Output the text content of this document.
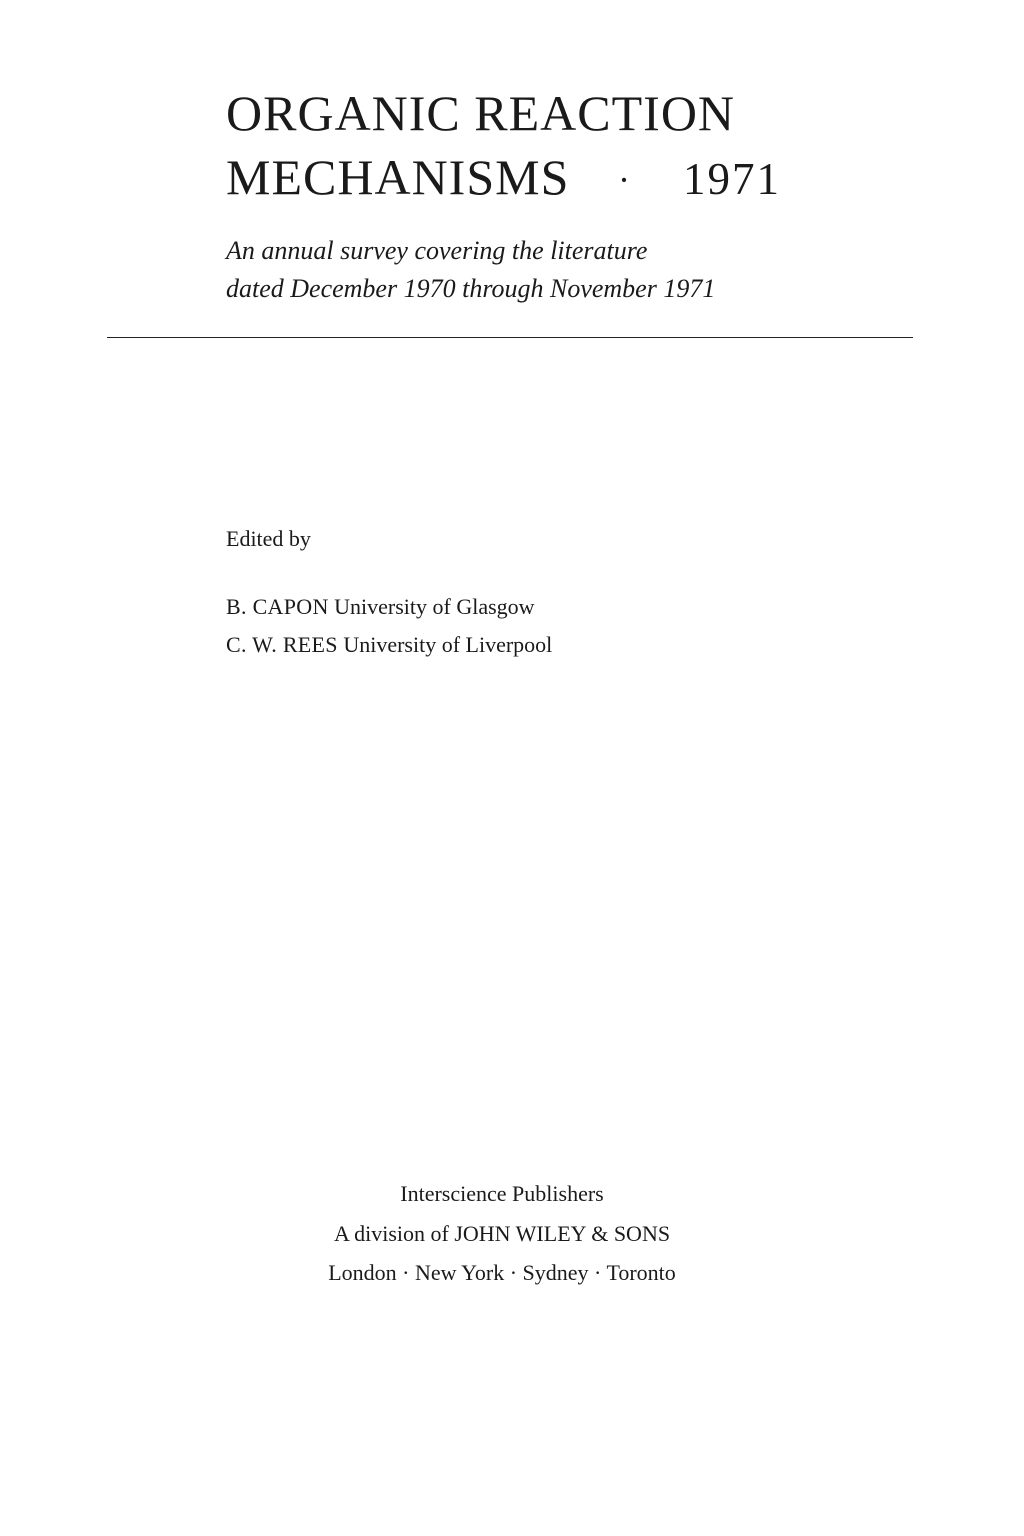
ORGANIC REACTION
MECHANISMS · 1971
An annual survey covering the literature
dated December 1970 through November 1971
Edited by
B. CAPON University of Glasgow
C. W. REES University of Liverpool
Interscience Publishers
A division of JOHN WILEY & SONS
London · New York · Sydney · Toronto
